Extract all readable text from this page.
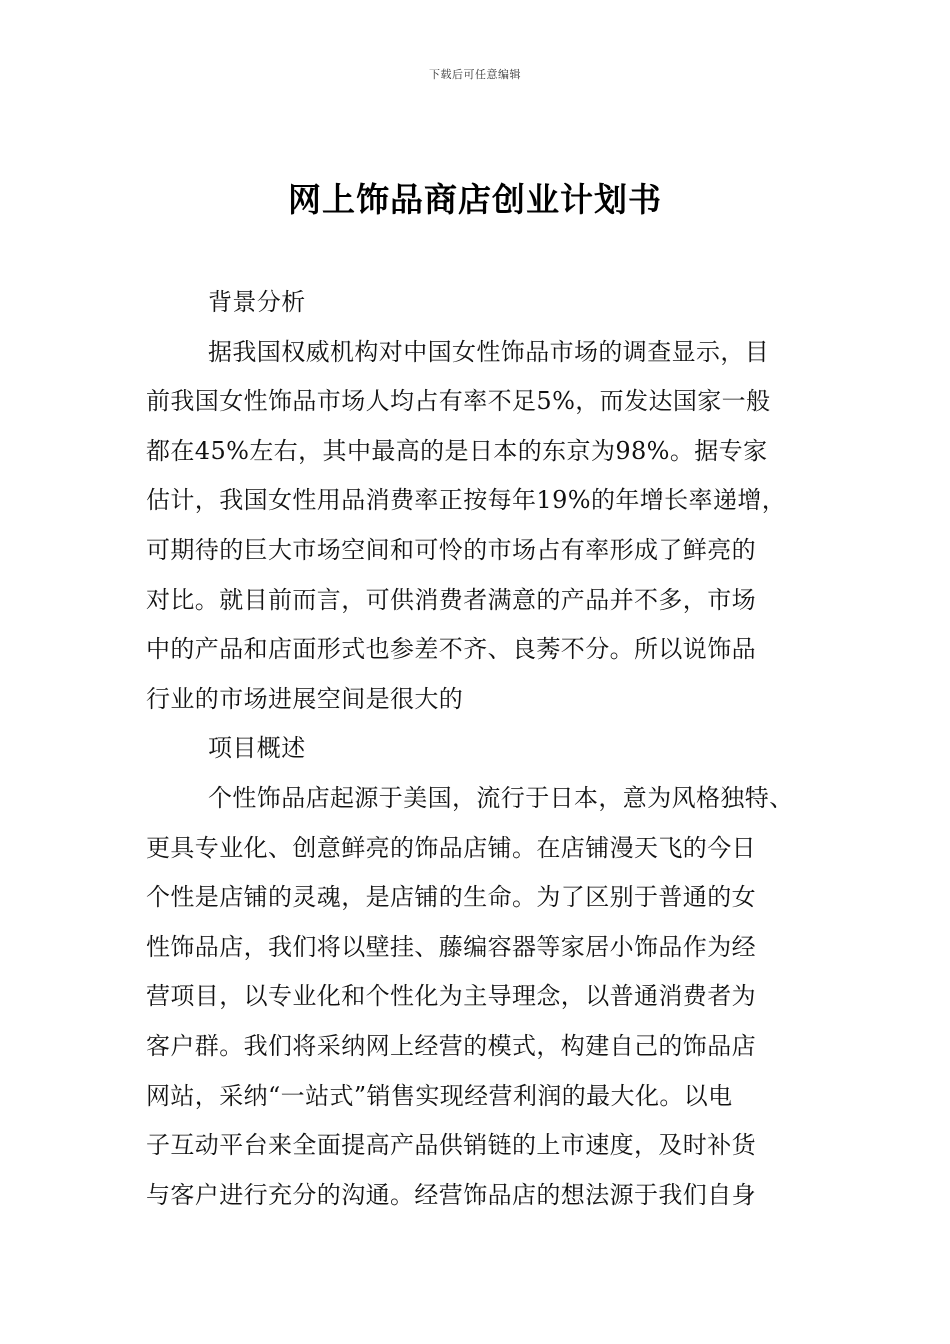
下载后可任意编辑
网上饰品商店创业计划书
背景分析
据我国权威机构对中国女性饰品市场的调查显示，目
前我国女性饰品市场人均占有率不足5%，而发达国家一般
都在45%左右，其中最高的是日本的东京为98%。据专家
估计，我国女性用品消费率正按每年19%的年增长率递增，
可期待的巨大市场空间和可怜的市场占有率形成了鲜亮的
对比。就目前而言，可供消费者满意的产品并不多，市场
中的产品和店面形式也参差不齐、良莠不分。所以说饰品
行业的市场进展空间是很大的
项目概述
个性饰品店起源于美国，流行于日本，意为风格独特、
更具专业化、创意鲜亮的饰品店铺。在店铺漫天飞的今日
个性是店铺的灵魂，是店铺的生命。为了区别于普通的女
性饰品店，我们将以壁挂、藤编容器等家居小饰品作为经
营项目，以专业化和个性化为主导理念，以普通消费者为
客户群。我们将采纳网上经营的模式，构建自己的饰品店
网站，采纳“一站式”销售实现经营利润的最大化。以电
子互动平台来全面提高产品供销链的上市速度，及时补货
与客户进行充分的沟通。经营饰品店的想法源于我们自身
